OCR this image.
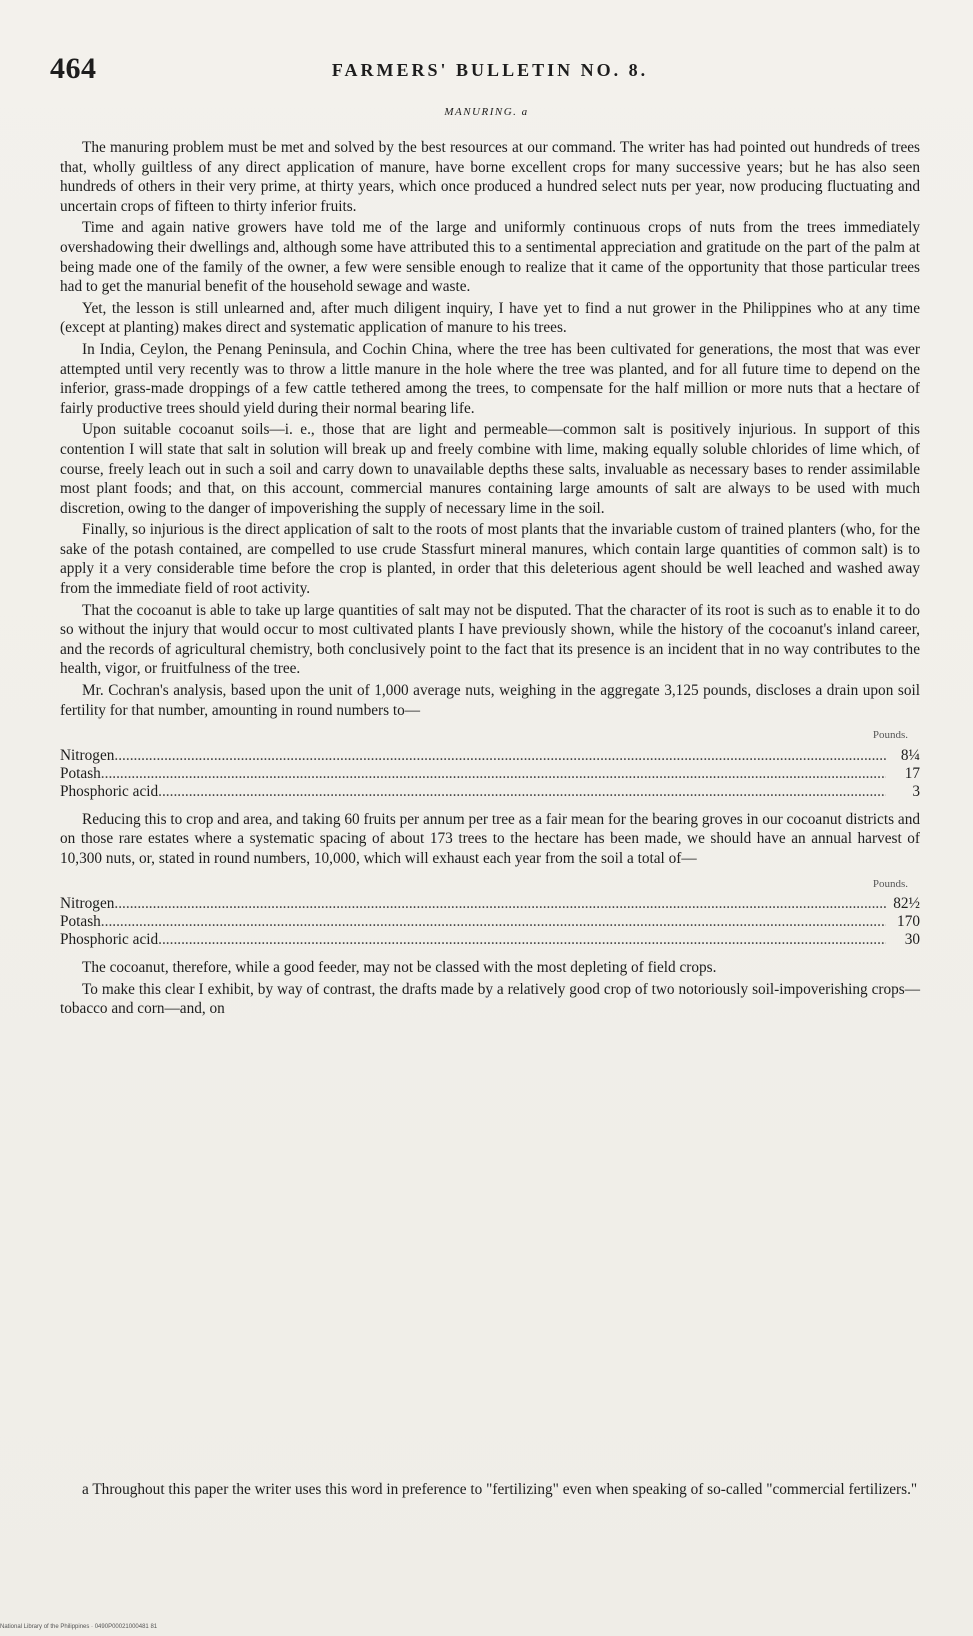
464	FARMERS' BULLETIN NO. 8.
MANURING. a

The manuring problem must be met and solved by the best resources at our command. The writer has had pointed out hundreds of trees that, wholly guiltless of any direct application of manure, have borne excellent crops for many successive years; but he has also seen hundreds of others in their very prime, at thirty years, which once produced a hundred select nuts per year, now producing fluctuating and uncertain crops of fifteen to thirty inferior fruits.

Time and again native growers have told me of the large and uniformly continuous crops of nuts from the trees immediately overshadowing their dwellings and, although some have attributed this to a sentimental appreciation and gratitude on the part of the palm at being made one of the family of the owner, a few were sensible enough to realize that it came of the opportunity that those particular trees had to get the manurial benefit of the household sewage and waste.

Yet, the lesson is still unlearned and, after much diligent inquiry, I have yet to find a nut grower in the Philippines who at any time (except at planting) makes direct and systematic application of manure to his trees.

In India, Ceylon, the Penang Peninsula, and Cochin China, where the tree has been cultivated for generations, the most that was ever attempted until very recently was to throw a little manure in the hole where the tree was planted, and for all future time to depend on the inferior, grass-made droppings of a few cattle tethered among the trees, to compensate for the half million or more nuts that a hectare of fairly productive trees should yield during their normal bearing life.

Upon suitable cocoanut soils—i. e., those that are light and permeable—common salt is positively injurious. In support of this contention I will state that salt in solution will break up and freely combine with lime, making equally soluble chlorides of lime which, of course, freely leach out in such a soil and carry down to unavailable depths these salts, invaluable as necessary bases to render assimilable most plant foods; and that, on this account, commercial manures containing large amounts of salt are always to be used with much discretion, owing to the danger of impoverishing the supply of necessary lime in the soil.

Finally, so injurious is the direct application of salt to the roots of most plants that the invariable custom of trained planters (who, for the sake of the potash contained, are compelled to use crude Stassfurt mineral manures, which contain large quantities of common salt) is to apply it a very considerable time before the crop is planted, in order that this deleterious agent should be well leached and washed away from the immediate field of root activity.

That the cocoanut is able to take up large quantities of salt may not be disputed. That the character of its root is such as to enable it to do so without the injury that would occur to most cultivated plants I have previously shown, while the history of the cocoanut's inland career, and the records of agricultural chemistry, both conclusively point to the fact that its presence is an incident that in no way contributes to the health, vigor, or fruitfulness of the tree.

Mr. Cochran's analysis, based upon the unit of 1,000 average nuts, weighing in the aggregate 3,125 pounds, discloses a drain upon soil fertility for that number, amounting in round numbers to—

Pounds.
Nitrogen .....	8¼
Potash .....	17
Phosphoric acid .....	3

Reducing this to crop and area, and taking 60 fruits per annum per tree as a fair mean for the bearing groves in our cocoanut districts and on those rare estates where a systematic spacing of about 173 trees to the hectare has been made, we should have an annual harvest of 10,300 nuts, or, stated in round numbers, 10,000, which will exhaust each year from the soil a total of—

Pounds.
Nitrogen .....	82½
Potash .....	170
Phosphoric acid .....	30

The cocoanut, therefore, while a good feeder, may not be classed with the most depleting of field crops.

To make this clear I exhibit, by way of contrast, the drafts made by a relatively good crop of two notoriously soil-impoverishing crops—tobacco and corn—and, on

a Throughout this paper the writer uses this word in preference to "fertilizing" even when speaking of so-called "commercial fertilizers."
National Library of the Philippines · 0490P00021000481 81
